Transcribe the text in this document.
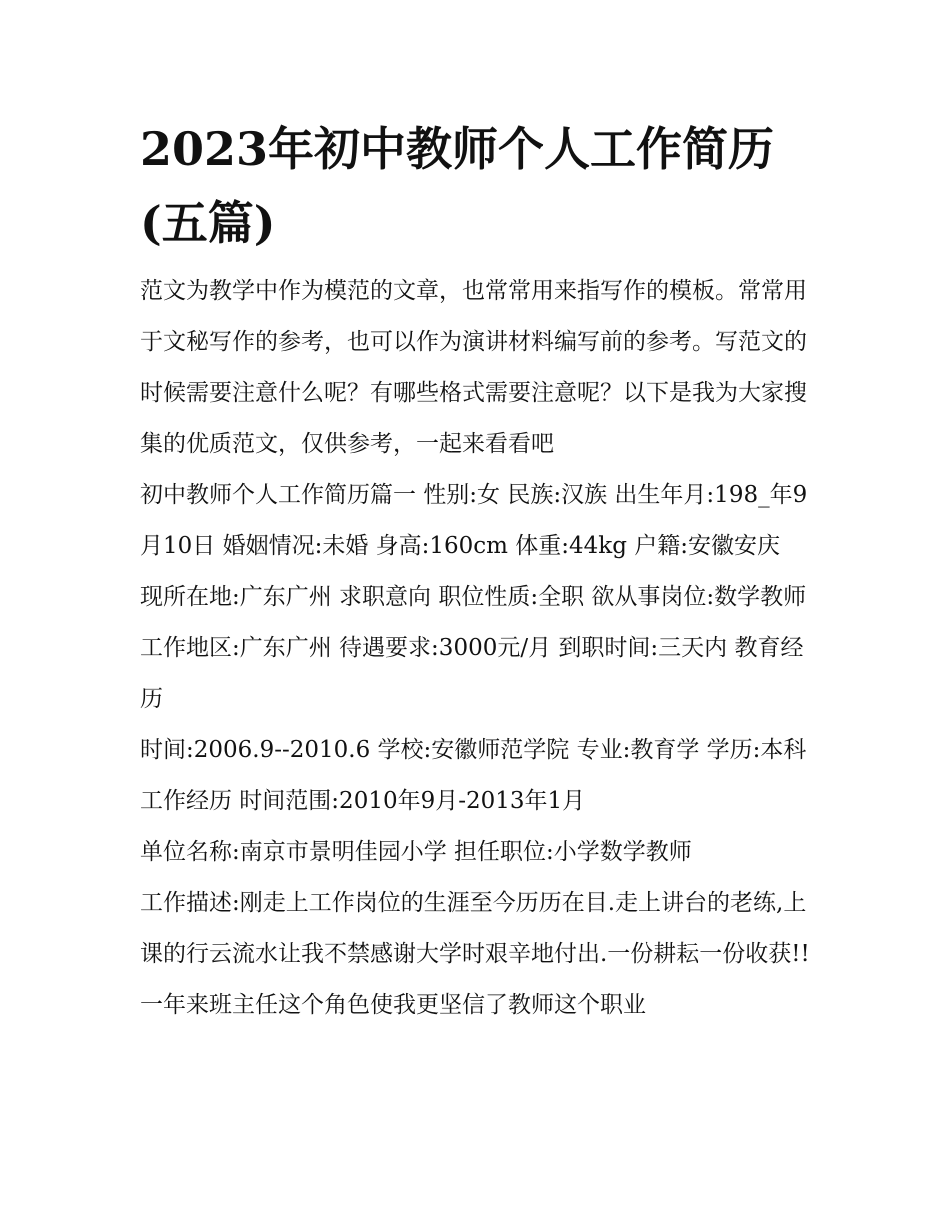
2023年初中教师个人工作简历(五篇)

范文为教学中作为模范的文章，也常常用来指写作的模板。常常用于文秘写作的参考，也可以作为演讲材料编写前的参考。写范文的时候需要注意什么呢？有哪些格式需要注意呢？以下是我为大家搜集的优质范文，仅供参考，一起来看看吧

初中教师个人工作简历篇一 性别:女 民族:汉族 出生年月:198_年9月10日 婚姻情况:未婚 身高:160cm 体重:44kg 户籍:安徽安庆

现所在地:广东广州 求职意向 职位性质:全职 欲从事岗位:数学教师 工作地区:广东广州 待遇要求:3000元/月 到职时间:三天内 教育经历

时间:2006.9--2010.6 学校:安徽师范学院 专业:教育学 学历:本科 工作经历 时间范围:2010年9月-2013年1月

单位名称:南京市景明佳园小学 担任职位:小学数学教师

工作描述:刚走上工作岗位的生涯至今历历在目.走上讲台的老练,上课的行云流水让我不禁感谢大学时艰辛地付出.一份耕耘一份收获!!一年来班主任这个角色使我更坚信了教师这个职业
